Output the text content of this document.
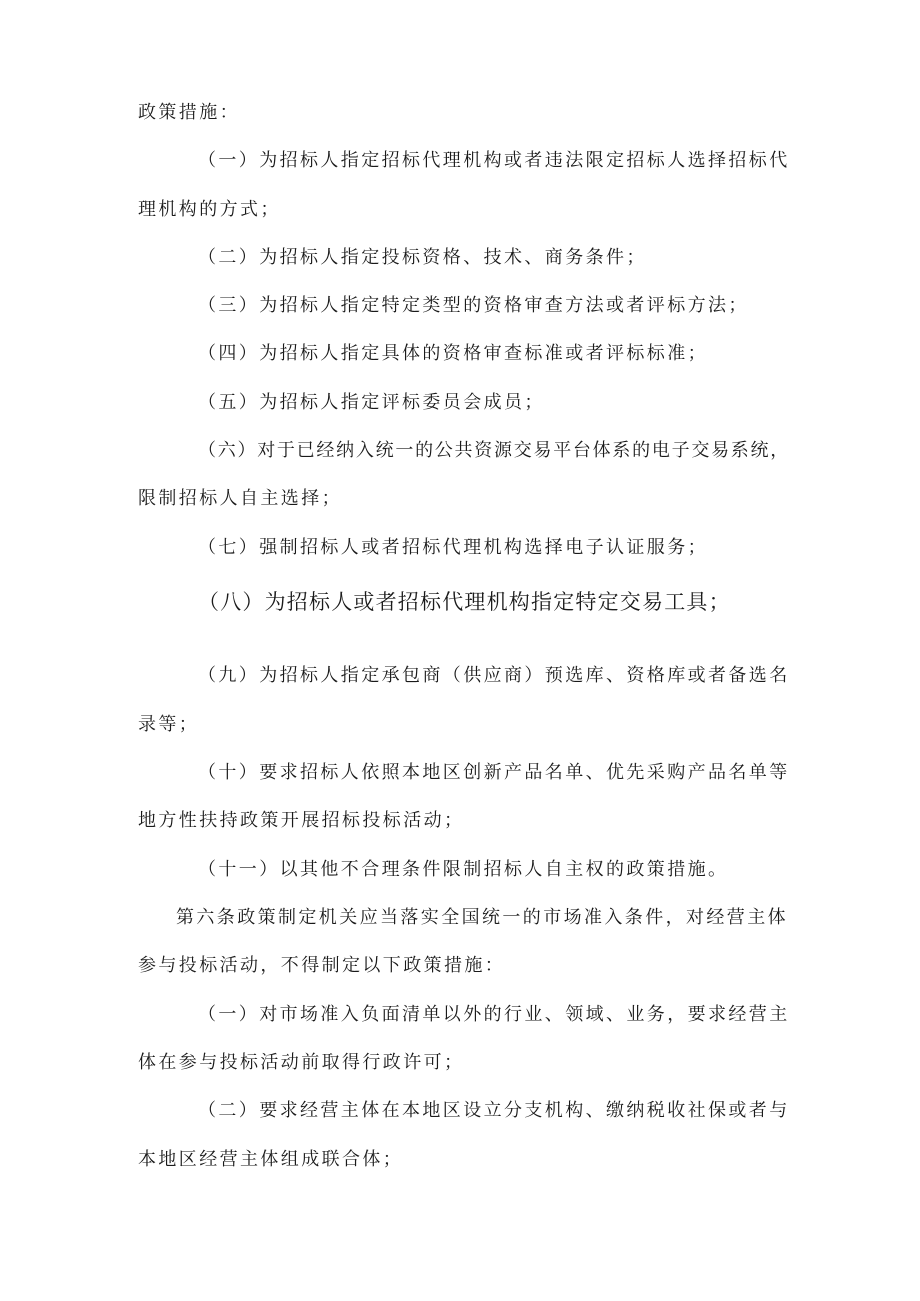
政策措施：
（一）为招标人指定招标代理机构或者违法限定招标人选择招标代
理机构的方式；
（二）为招标人指定投标资格、技术、商务条件；
（三）为招标人指定特定类型的资格审查方法或者评标方法；
（四）为招标人指定具体的资格审查标准或者评标标准；
（五）为招标人指定评标委员会成员；
（六）对于已经纳入统一的公共资源交易平台体系的电子交易系统，
限制招标人自主选择；
（七）强制招标人或者招标代理机构选择电子认证服务；
（八）为招标人或者招标代理机构指定特定交易工具；
（九）为招标人指定承包商（供应商）预选库、资格库或者备选名
录等；
（十）要求招标人依照本地区创新产品名单、优先采购产品名单等
地方性扶持政策开展招标投标活动；
（十一）以其他不合理条件限制招标人自主权的政策措施。
第六条政策制定机关应当落实全国统一的市场准入条件，对经营主体
参与投标活动，不得制定以下政策措施：
（一）对市场准入负面清单以外的行业、领域、业务，要求经营主
体在参与投标活动前取得行政许可；
（二）要求经营主体在本地区设立分支机构、缴纳税收社保或者与
本地区经营主体组成联合体；
